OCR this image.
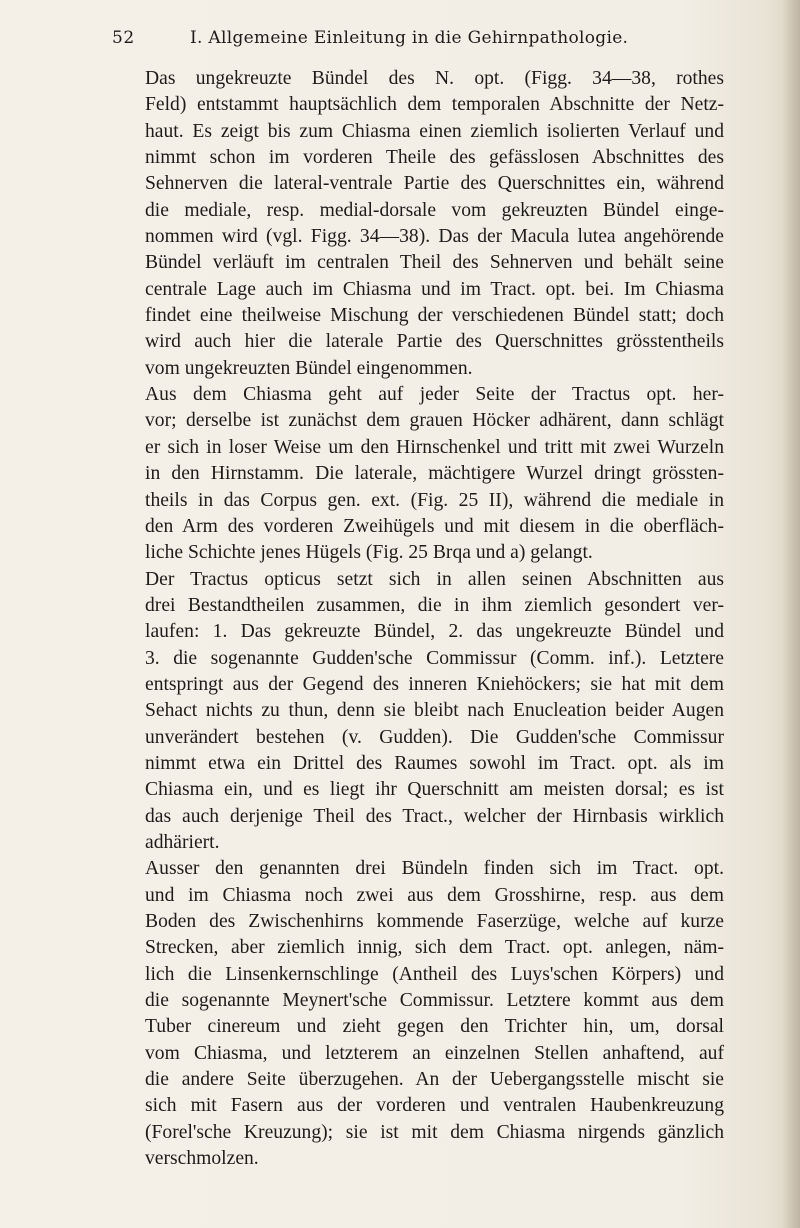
52	I. Allgemeine Einleitung in die Gehirnpathologie.

Das ungekreuzte Bündel des N. opt. (Figg. 34—38, rothes
Feld) entstammt hauptsächlich dem temporalen Abschnitte der Netz-
haut. Es zeigt bis zum Chiasma einen ziemlich isolierten Verlauf und
nimmt schon im vorderen Theile des gefässlosen Abschnittes des
Sehnerven die lateral-ventrale Partie des Querschnittes ein, während
die mediale, resp. medial-dorsale vom gekreuzten Bündel einge-
nommen wird (vgl. Figg. 34—38). Das der Macula lutea angehörende
Bündel verläuft im centralen Theil des Sehnerven und behält seine
centrale Lage auch im Chiasma und im Tract. opt. bei. Im Chiasma
findet eine theilweise Mischung der verschiedenen Bündel statt; doch
wird auch hier die laterale Partie des Querschnittes grösstentheils
vom ungekreuzten Bündel eingenommen.

Aus dem Chiasma geht auf jeder Seite der Tractus opt. her-
vor; derselbe ist zunächst dem grauen Höcker adhärent, dann schlägt
er sich in loser Weise um den Hirnschenkel und tritt mit zwei Wurzeln
in den Hirnstamm. Die laterale, mächtigere Wurzel dringt grössten-
theils in das Corpus gen. ext. (Fig. 25 II), während die mediale in
den Arm des vorderen Zweihügels und mit diesem in die oberfläch-
liche Schichte jenes Hügels (Fig. 25 Brqa und a) gelangt.

Der Tractus opticus setzt sich in allen seinen Abschnitten aus
drei Bestandtheilen zusammen, die in ihm ziemlich gesondert ver-
laufen: 1. Das gekreuzte Bündel, 2. das ungekreuzte Bündel und
3. die sogenannte Gudden'sche Commissur (Comm. inf.). Letztere
entspringt aus der Gegend des inneren Kniehöckers; sie hat mit dem
Sehact nichts zu thun, denn sie bleibt nach Enucleation beider Augen
unverändert bestehen (v. Gudden). Die Gudden'sche Commissur
nimmt etwa ein Drittel des Raumes sowohl im Tract. opt. als im
Chiasma ein, und es liegt ihr Querschnitt am meisten dorsal; es ist
das auch derjenige Theil des Tract., welcher der Hirnbasis wirklich
adhäriert.

Ausser den genannten drei Bündeln finden sich im Tract. opt.
und im Chiasma noch zwei aus dem Grosshirne, resp. aus dem
Boden des Zwischenhirns kommende Faserzüge, welche auf kurze
Strecken, aber ziemlich innig, sich dem Tract. opt. anlegen, näm-
lich die Linsenkernschlinge (Antheil des Luys'schen Körpers) und
die sogenannte Meynert'sche Commissur. Letztere kommt aus dem
Tuber cinereum und zieht gegen den Trichter hin, um, dorsal
vom Chiasma, und letzterem an einzelnen Stellen anhaftend, auf
die andere Seite überzugehen. An der Uebergangsstelle mischt sie
sich mit Fasern aus der vorderen und ventralen Haubenkreuzung
(Forel'sche Kreuzung); sie ist mit dem Chiasma nirgends gänzlich
verschmolzen.
